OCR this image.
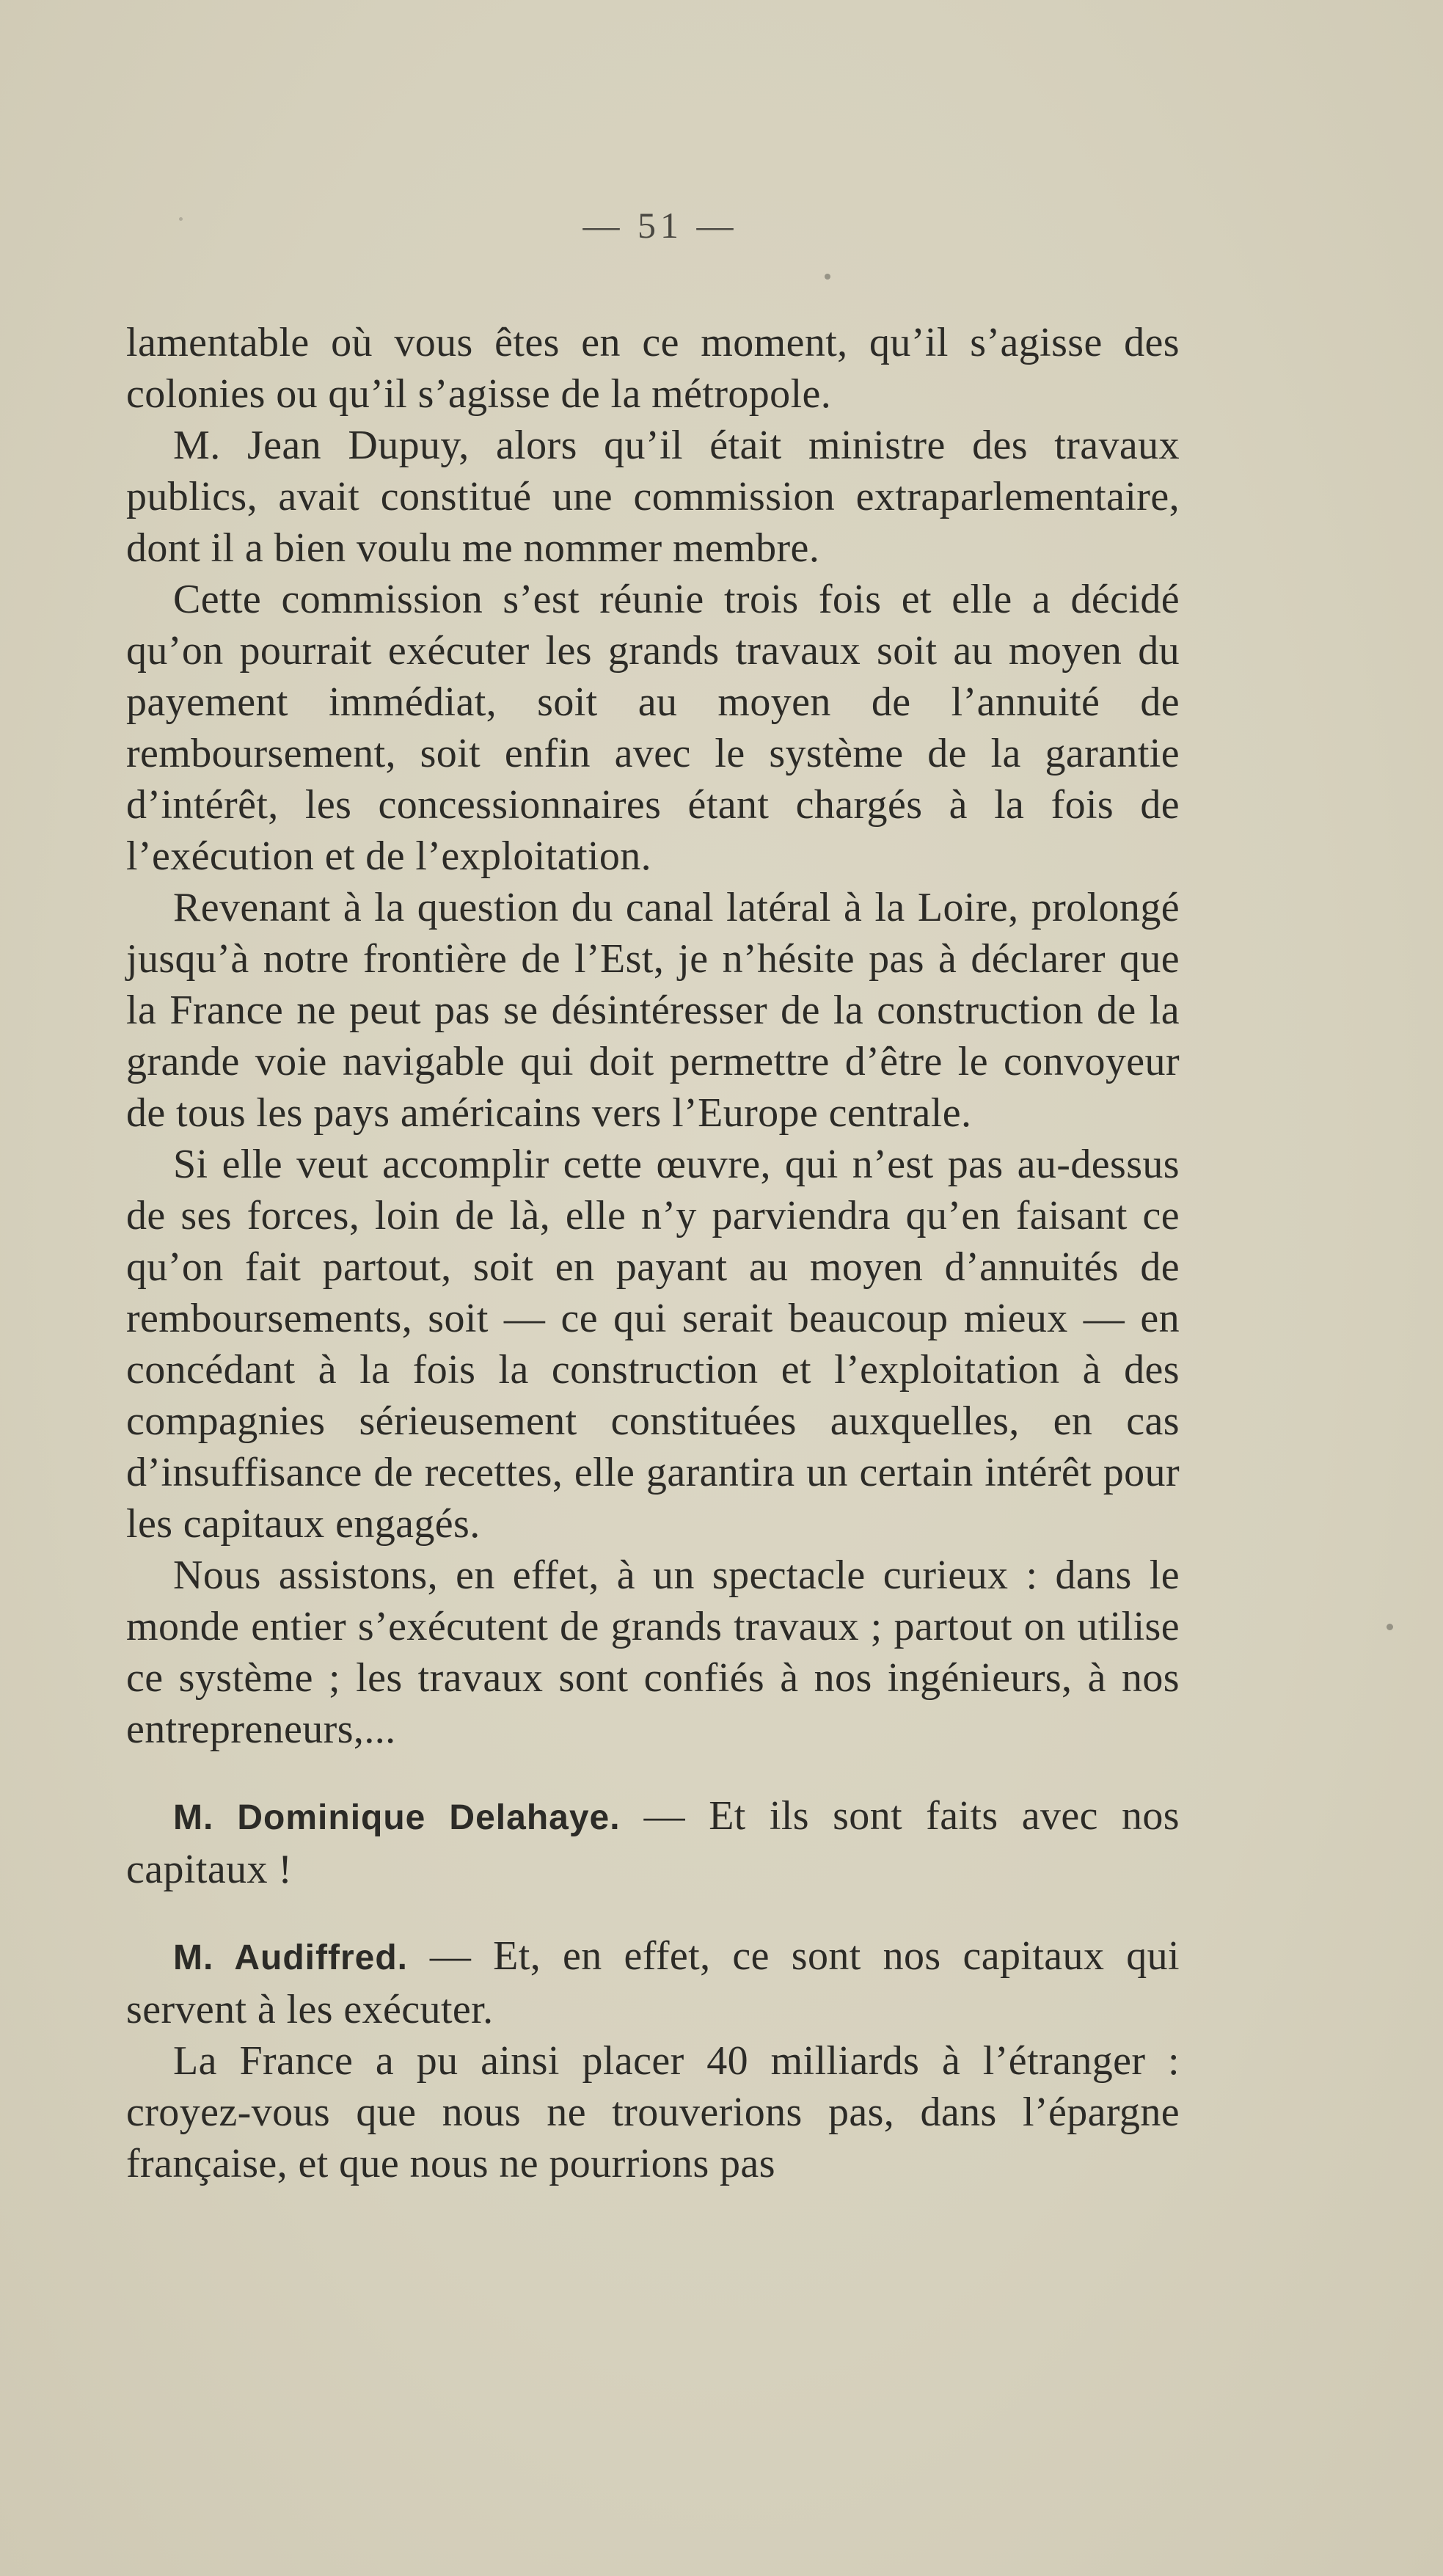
— 51 —

lamentable où vous êtes en ce moment, qu’il s’agisse des colonies ou qu’il s’agisse de la métropole.

M. Jean Dupuy, alors qu’il était ministre des travaux publics, avait constitué une commission extraparlementaire, dont il a bien voulu me nommer membre.

Cette commission s’est réunie trois fois et elle a décidé qu’on pourrait exécuter les grands travaux soit au moyen du payement immédiat, soit au moyen de l’annuité de remboursement, soit enfin avec le système de la garantie d’intérêt, les concessionnaires étant chargés à la fois de l’exécution et de l’exploitation.

Revenant à la question du canal latéral à la Loire, prolongé jusqu’à notre frontière de l’Est, je n’hésite pas à déclarer que la France ne peut pas se désintéresser de la construction de la grande voie navigable qui doit permettre d’être le convoyeur de tous les pays américains vers l’Europe centrale.

Si elle veut accomplir cette œuvre, qui n’est pas au-dessus de ses forces, loin de là, elle n’y parviendra qu’en faisant ce qu’on fait partout, soit en payant au moyen d’annuités de remboursements, soit — ce qui serait beaucoup mieux — en concédant à la fois la construction et l’exploitation à des compagnies sérieusement constituées auxquelles, en cas d’insuffisance de recettes, elle garantira un certain intérêt pour les capitaux engagés.

Nous assistons, en effet, à un spectacle curieux : dans le monde entier s’exécutent de grands travaux ; partout on utilise ce système ; les travaux sont confiés à nos ingénieurs, à nos entrepreneurs,...

M. Dominique Delahaye. — Et ils sont faits avec nos capitaux !

M. Audiffred. — Et, en effet, ce sont nos capitaux qui servent à les exécuter.

La France a pu ainsi placer 40 milliards à l’étranger : croyez-vous que nous ne trouverions pas, dans l’épargne française, et que nous ne pourrions pas
